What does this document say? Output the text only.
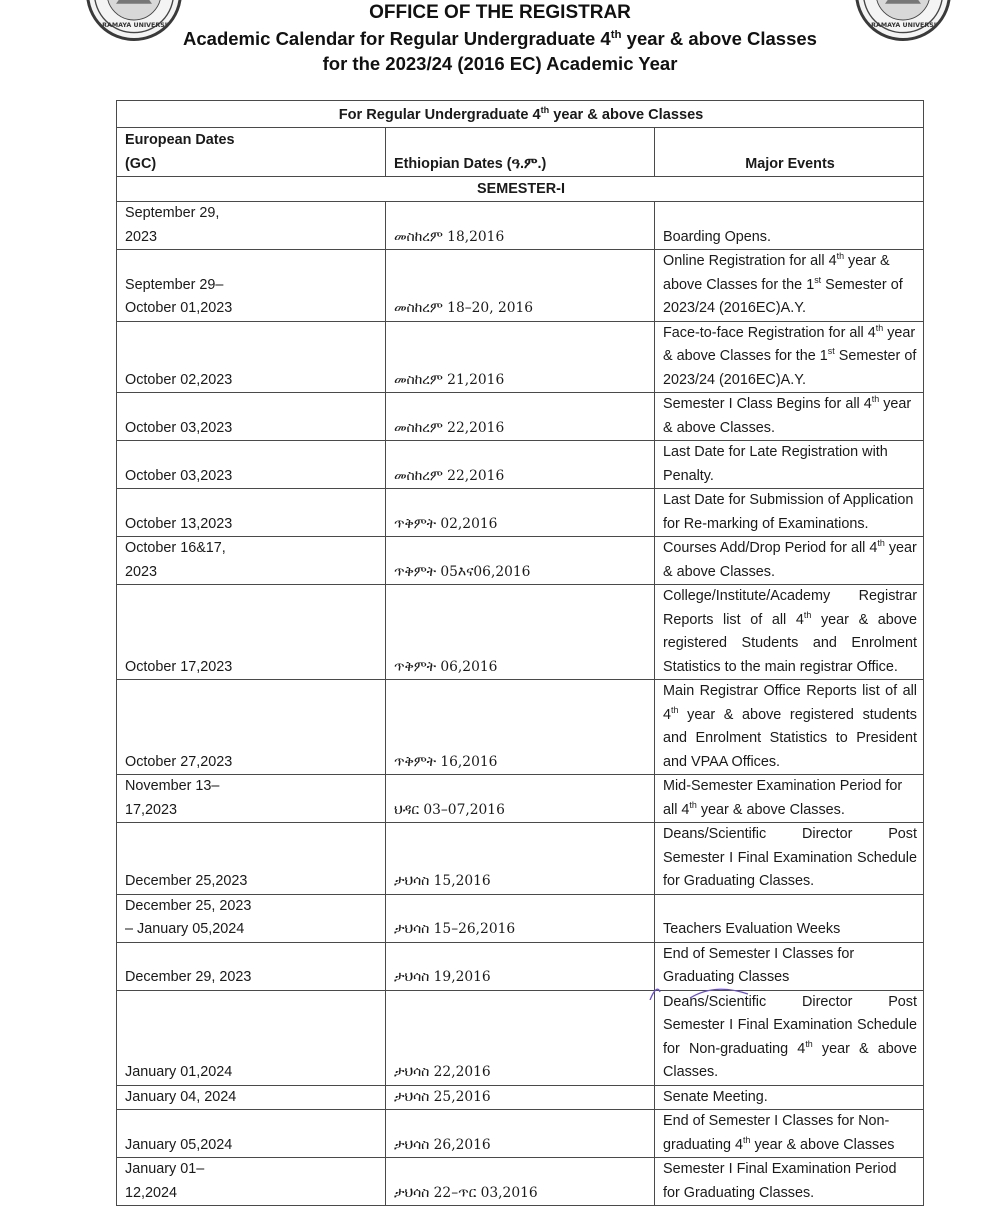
HARAMAYA UNIVERSITY	HARAMAYA UNIVERSITY
OFFICE OF THE REGISTRAR
Academic Calendar for Regular Undergraduate 4th year & above Classes
for the 2023/24 (2016 EC) Academic Year
For Regular Undergraduate 4th year & above Classes		
European Dates
(GC)	Ethiopian Dates (ዓ.ም.)	Major Events
SEMESTER-I		
September 29,
2023	መስከረም 18,2016	Boarding Opens.
September 29–
October 01,2023	መስከረም 18–20, 2016	Online Registration for all 4th year & above Classes for the 1st Semester of 2023/24 (2016EC)A.Y.
October 02,2023	መስከረም 21,2016	Face-to-face Registration for all 4th year & above Classes for the 1st Semester of 2023/24 (2016EC)A.Y.
October 03,2023	መስከረም 22,2016	Semester I Class Begins for all 4th year & above Classes.
October 03,2023	መስከረም 22,2016	Last Date for Late Registration with Penalty.
October 13,2023	ጥቅምት 02,2016	Last Date for Submission of Application for Re-marking of Examinations.
October 16&17,
2023	ጥቅምት 05እና06,2016	Courses Add/Drop Period for all 4th year & above Classes.
October 17,2023	ጥቅምት 06,2016	College/Institute/Academy Registrar Reports list of all 4th year & above registered Students and Enrolment Statistics to the main registrar Office.
October 27,2023	ጥቅምት 16,2016	Main Registrar Office Reports list of all 4th year & above registered students and Enrolment Statistics to President and VPAA Offices.
November 13–
17,2023	ህዳር 03–07,2016	Mid-Semester Examination Period for all 4th year & above Classes.
December 25,2023	ታህሳስ 15,2016	Deans/Scientific Director Post Semester I Final Examination Schedule for Graduating Classes.
December 25, 2023
– January 05,2024	ታህሳስ 15–26,2016	Teachers Evaluation Weeks
December 29, 2023	ታህሳስ 19,2016	End of Semester I Classes for Graduating Classes
January 01,2024	ታህሳስ 22,2016	Deans/Scientific Director Post Semester I Final Examination Schedule for Non-graduating 4th year & above Classes.
January 04, 2024	ታህሳስ 25,2016	Senate Meeting.
January 05,2024	ታህሳስ 26,2016	End of Semester I Classes for Non-graduating 4th year & above Classes
January 01–
12,2024	ታህሳስ 22–ጥር 03,2016	Semester I Final Examination Period for Graduating Classes.
